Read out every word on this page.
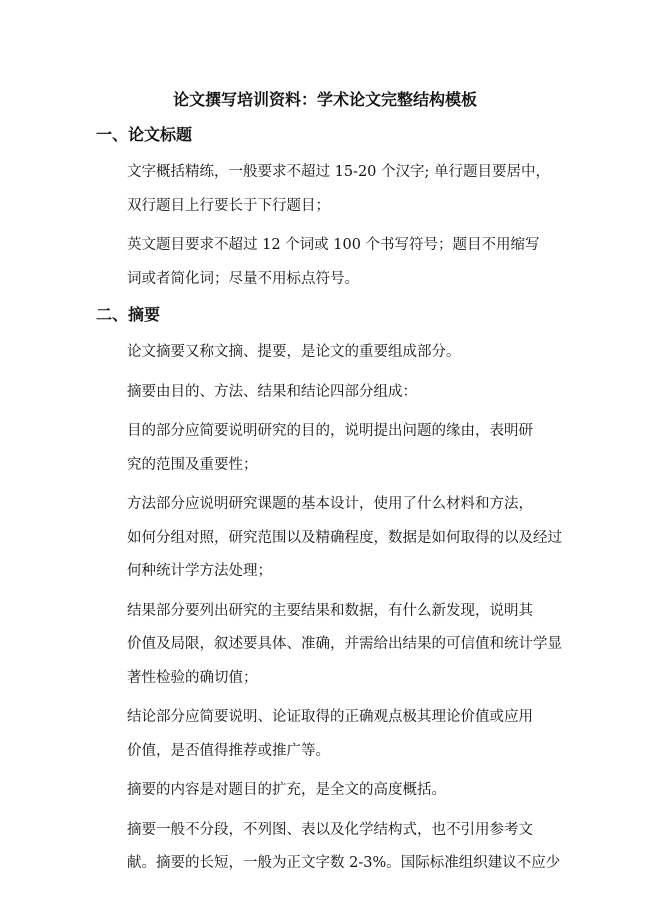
论文撰写培训资料：学术论文完整结构模板
一、论文标题

文字概括精练，一般要求不超过 15-20 个汉字; 单行题目要居中，
双行题目上行要长于下行题目；

英文题目要求不超过 12 个词或 100 个书写符号；题目不用缩写
词或者简化词；尽量不用标点符号。

二、摘要

论文摘要又称文摘、提要，是论文的重要组成部分。

摘要由目的、方法、结果和结论四部分组成：

目的部分应简要说明研究的目的，说明提出问题的缘由，表明研
究的范围及重要性；

方法部分应说明研究课题的基本设计，使用了什么材料和方法，
如何分组对照，研究范围以及精确程度，数据是如何取得的以及经过
何种统计学方法处理；

结果部分要列出研究的主要结果和数据，有什么新发现，说明其
价值及局限，叙述要具体、准确，并需给出结果的可信值和统计学显
著性检验的确切值；

结论部分应简要说明、论证取得的正确观点极其理论价值或应用
价值，是否值得推荐或推广等。

摘要的内容是对题目的扩充，是全文的高度概括。

摘要一般不分段，不列图、表以及化学结构式，也不引用参考文
献。摘要的长短，一般为正文字数 2-3%。国际标准组织建议不应少
